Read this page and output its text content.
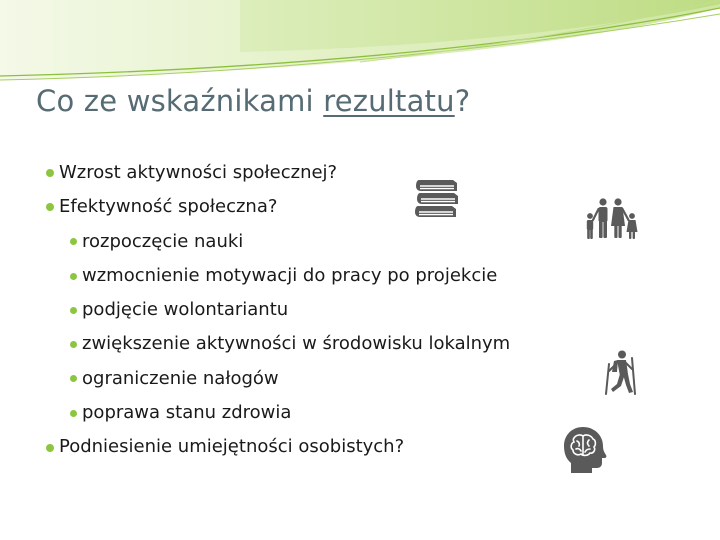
Co ze wskaźnikami rezultatu?
Wzrost aktywności społecznej?
Efektywność społeczna?
rozpoczęcie nauki
wzmocnienie motywacji do pracy po projekcie
podjęcie wolontariantu
zwiększenie aktywności w środowisku lokalnym
ograniczenie nałogów
poprawa stanu zdrowia
Podniesienie umiejętności osobistych?
